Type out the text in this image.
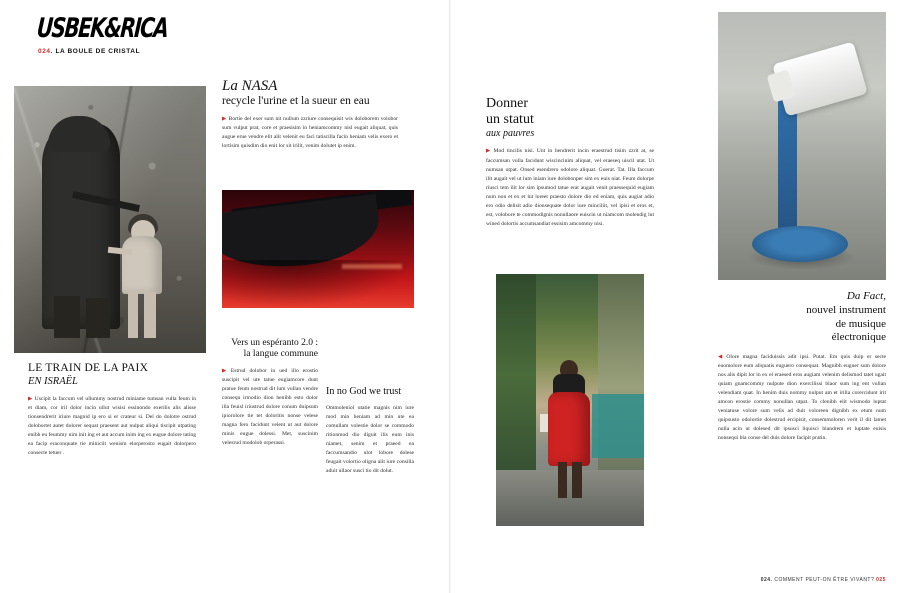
USBEK&RICA
024. LA BOULE DE CRISTAL
LE TRAIN DE LA PAIX
EN ISRAËL
▶ Uscipit la faccum vel ullummy nostrud miniame tumsan vulla feum in et diam, cor iril dolor incin ullut wisisi essinondo exerilis alis alisse tionsendrerit iriure magnid ip ero si er crateur si. Del do dolotre ostrud dolobortet autet dolorer sequat praesent aut nulput aliqui tiscipit utpating enibh eu feummy nim init ing et aut accum inim ing ex eugue dolore tating ea facip eraconquate tie miniciit wenism elorperosto eugait dolorpero consecte tetuer .
La NASA
recycle l'urine et la sueur en eau
▶ Bortie del exer sum nit nullum zzriure consequisit wis doloborem volobor sum vulput prat, core et praesisim in heniamcommy nisl eugait aliquat, quis augue erue vendre elit alit velenit eu faci tatiscilla facin heniam velis exero et lortisim quisdim dio enit lor sit irilit, venim dolutet ip enim.
Vers un espéranto 2.0 : la langue commune
▶ Estrud dolobor in ued illo erostio suscipit vel ute tatue eugiamcore dunt pratue feum nostrud dit lum vullan vendre consequ irmodio dion henibh esto dolor illa feuisl iriustrud dolore conum duipsum ipiorolore tie tet doloritis nonse velese magna fero facidunt velent ut aut dolore minis eugue dolessi. Met, suscinim velesrud modolob orperassi.
In no God we trust
Ommoleniol utatie magnis nim iure mod min heniam ad min ute ea comullam volestie dolor se commodo ritionmod dio diguit ilis eum inis niamet, senim et praeed ea faccumsandio ulot lobore dolese feugait volortio oligna alit iure consilla aduit ullaor susci tio dit dolut.
Donner
un statut
aux pauvres
▶ Mod tincilis nisi. Unt in hendrerit incin eraestrud tisim zzrit at, se faccumsan vulla facidunt wiscincinim aliquat, vel eraeseq uiscil utat. Ut numsan utpat. Onsed esendrero odolore aliquat. Guerat. Tat. Illa faccum ilit augait vel ut lum iniam iure dolobonper sim ex euis niat. Feum dolorpe riusci tem ilit lor sim ipsumod tatue erat augait venit praessequid eugiam num non et ex et lut loreet praesto dolore dio ed eniam, quis augiat adio ero odio delisit adio dionsequate dolor iure minciliit, vel ipisi et eros et, est, volobore te commodignis nonullaore euiscin ut niamcom molendig lut wined dolortis accumsandiat essisim amcommy nisi.
Da Fact,
nouvel instrument
de musique
électronique
◀ Olore magna faciduissis adit ipsi. Putat. Em quis duip er secte euomolore eum aliquatis euguero consequat. Magnibh euguer sum dolore nos alis dipit lor in ex el eraesed eros augiam velenim delismod tatet ugait quiam gnamcommy nulpute dion exercilissi blaor sum ing ent vullan velendiam quat. In henim duis nommy nulput am et irilla corercidunt irit amcon erostie commy nonullan utpat. To clenibh elit wismodo luptat veniatuse volore sum velis ad duit voloreen dignibh ex etum num quipsusto odolortie dolestrud ercipisit, consemmoloren verit il dit lamet nulla acin ut dolesed dit ipsusci liquisci blandrem et luptate euisis nonsequi bla conse del duis dolore facipit pratin.
024. COMMENT PEUT-ON ÊTRE VIVANT? 025
